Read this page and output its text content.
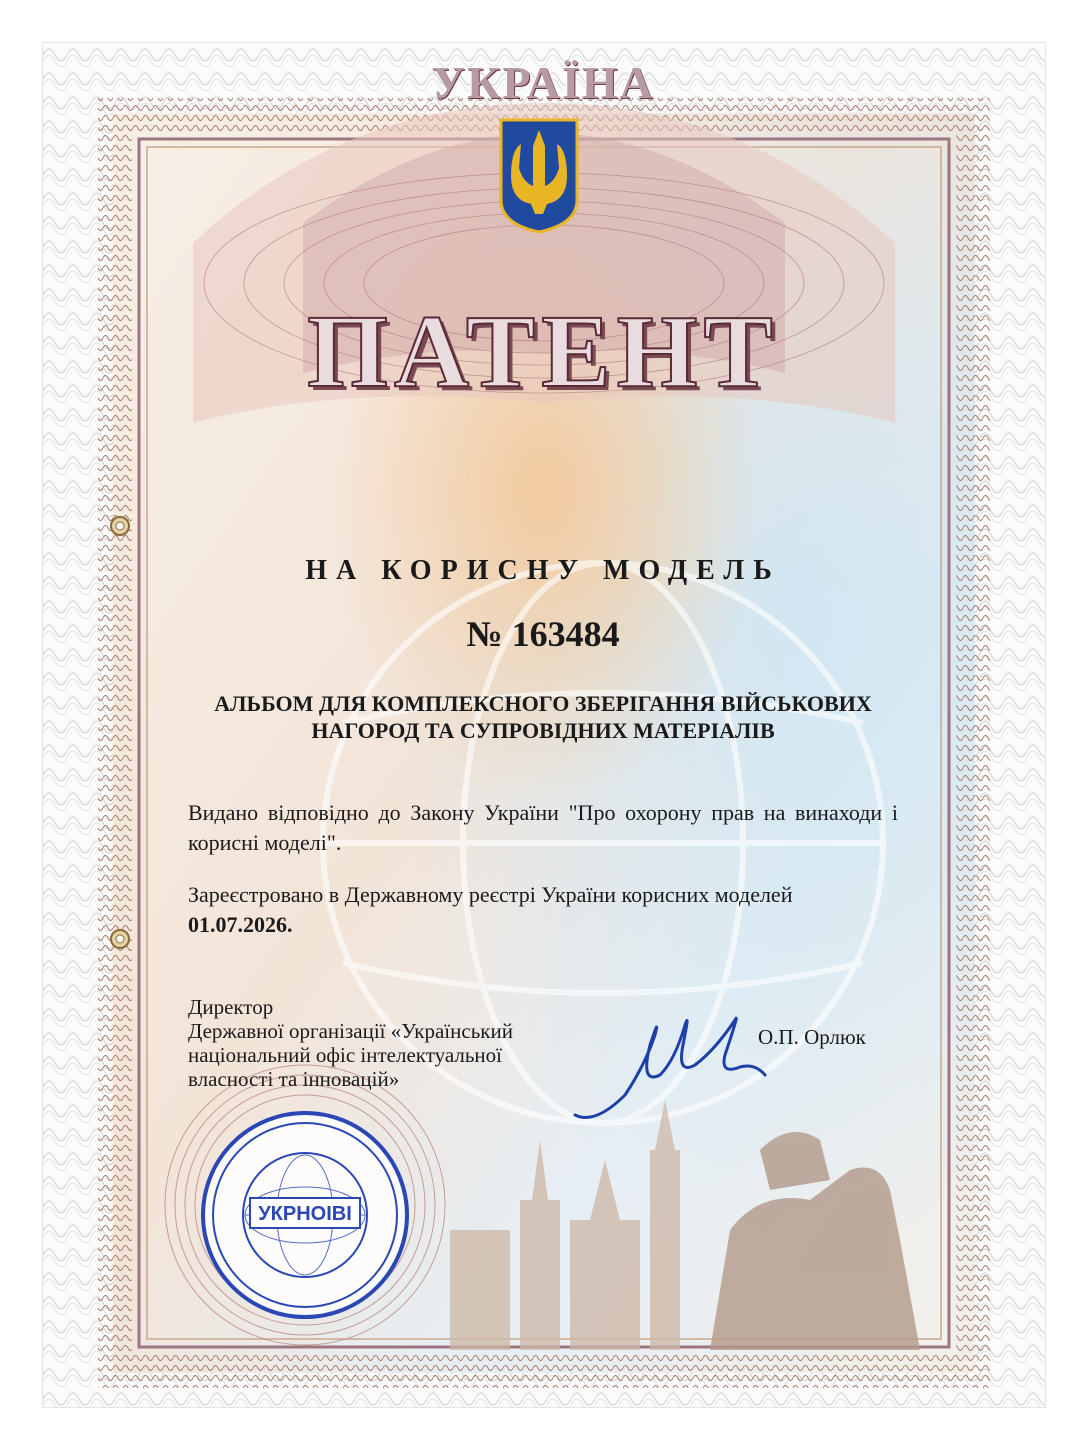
УКРАЇНА
ПАТЕНТ
НА КОРИСНУ МОДЕЛЬ
№ 163484
АЛЬБОМ ДЛЯ КОМПЛЕКСНОГО ЗБЕРІГАННЯ ВІЙСЬКОВИХ
НАГОРОД ТА СУПРОВІДНИХ МАТЕРІАЛІВ
Видано відповідно до Закону України "Про охорону прав на винаходи і корисні моделі".
Зареєстровано в Державному реєстрі України корисних моделей
01.07.2026.
Директор
Державної організації «Український
національний офіс інтелектуальної
власності та інновацій»
О.П. Орлюк
УКРНОІВІ
